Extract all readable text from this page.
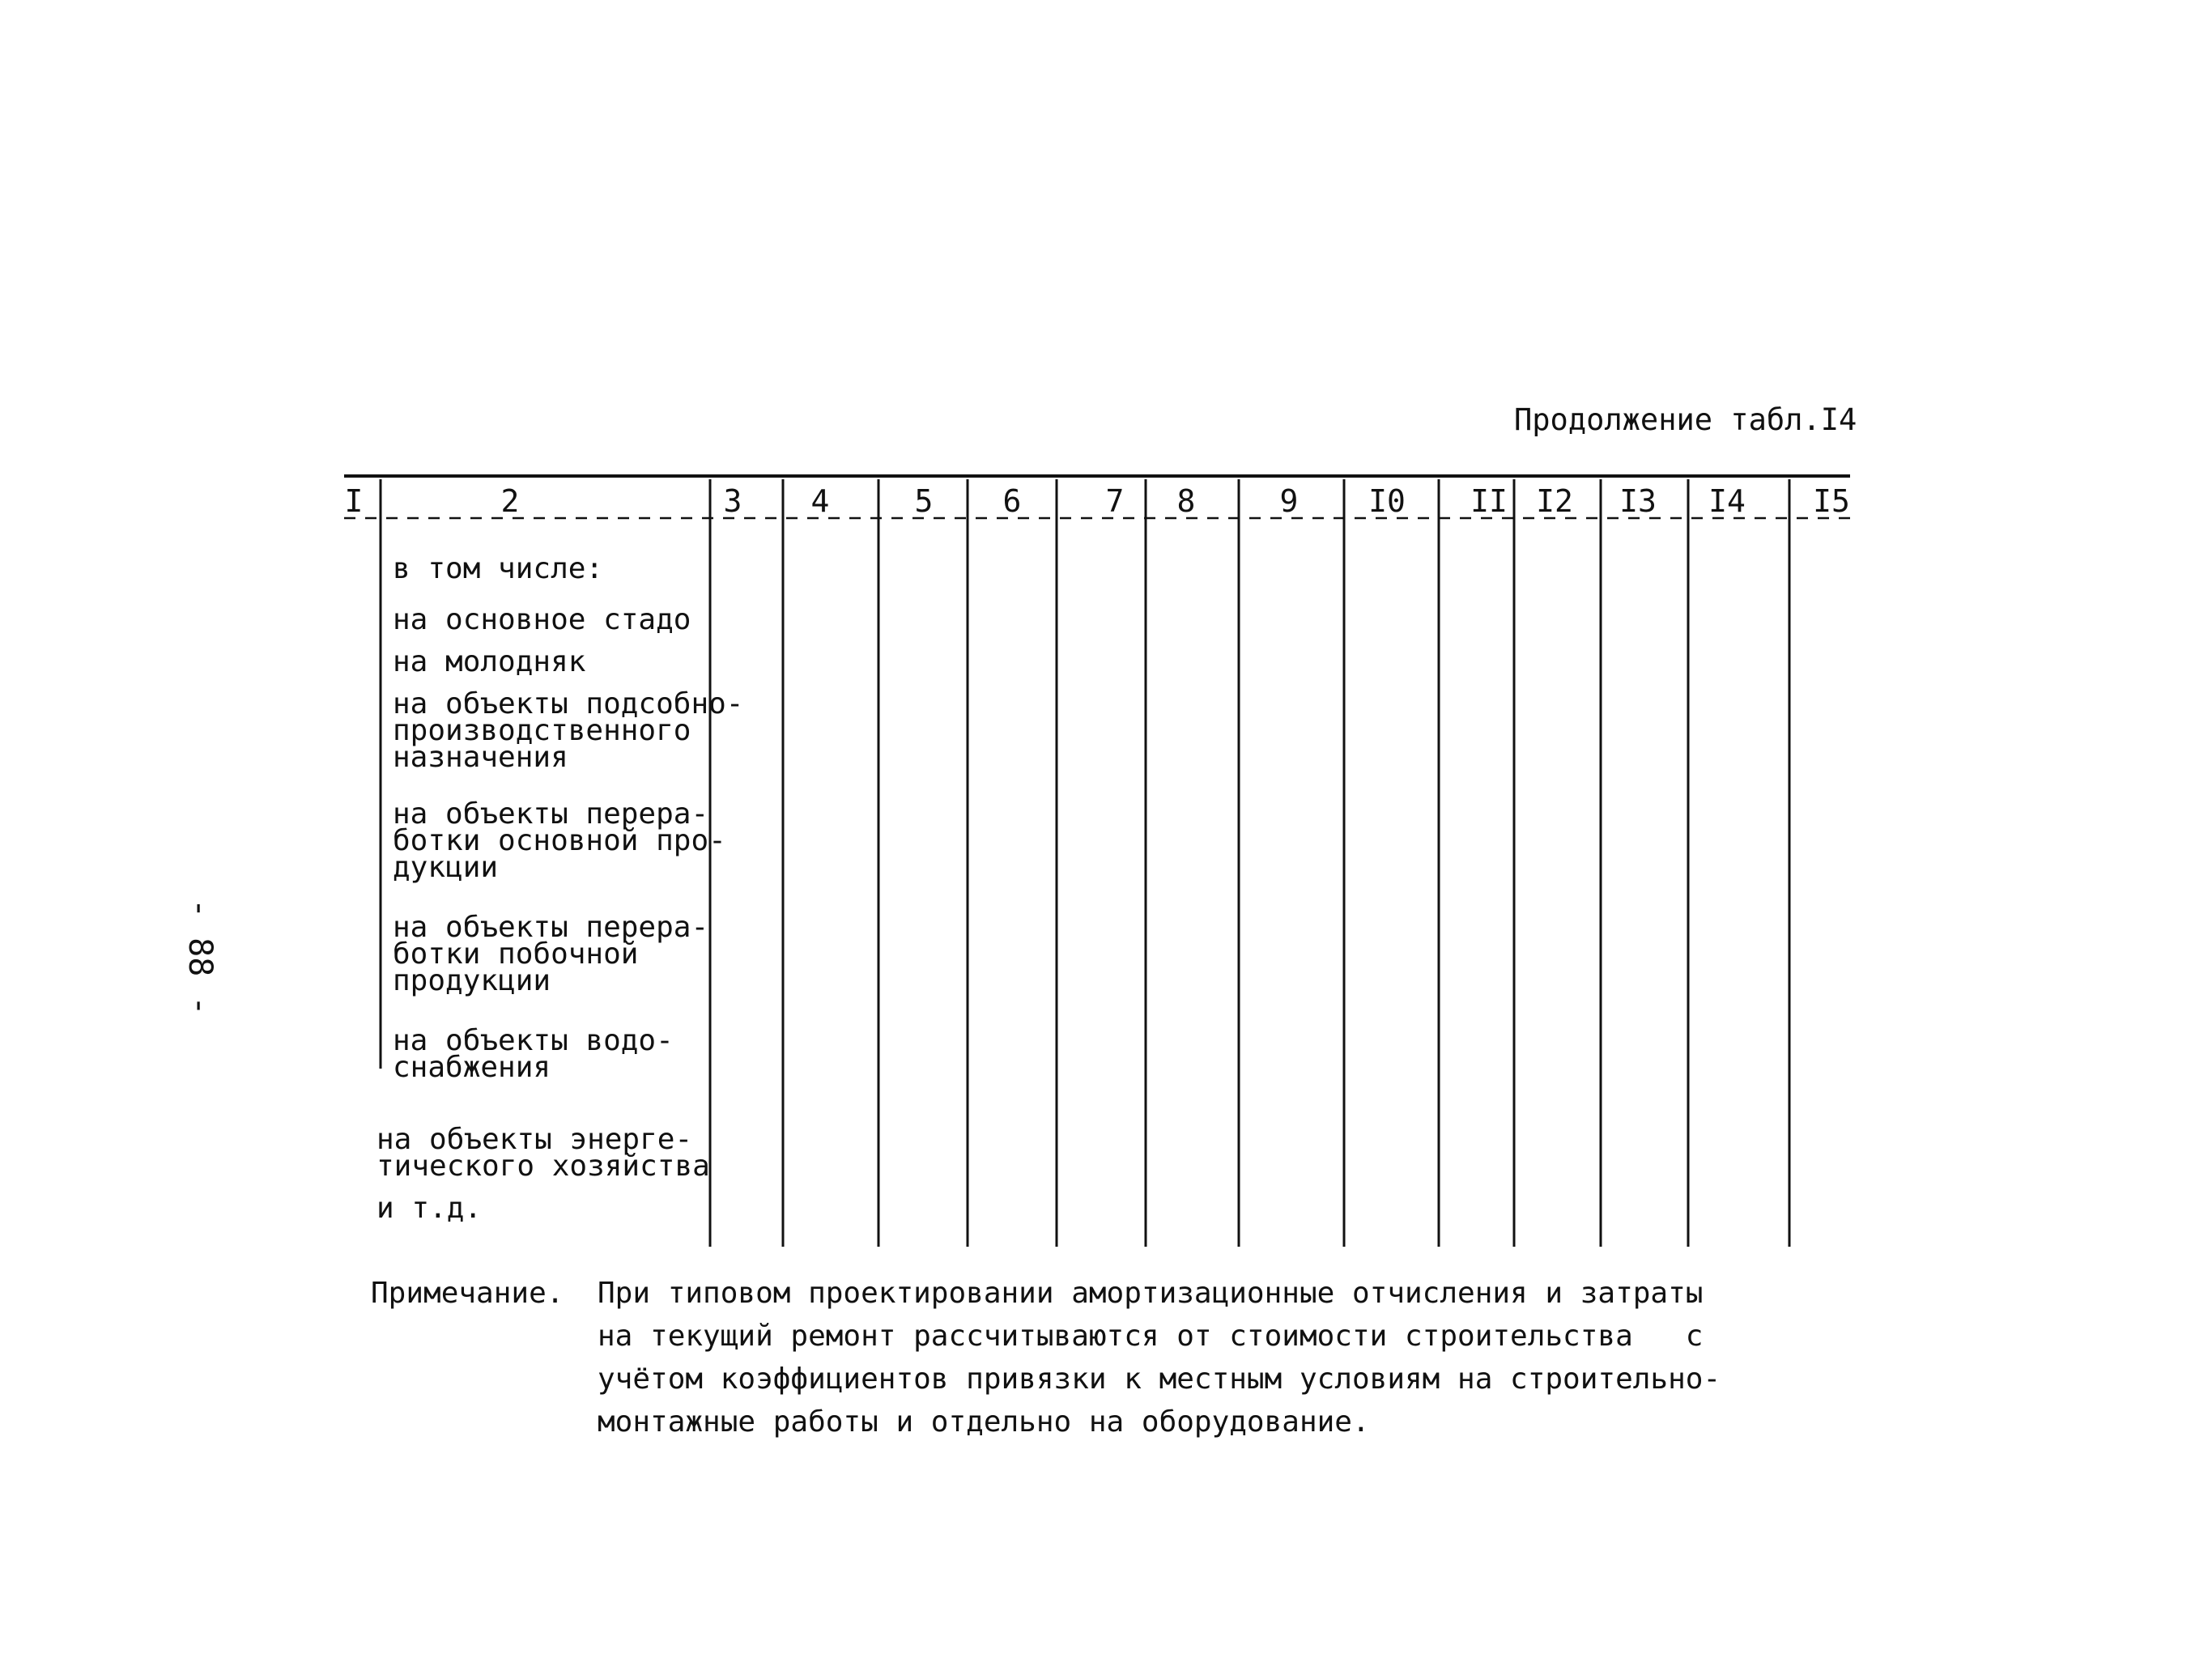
Продолжение табл.I4
I	2	3 4	5 6	7 8	9 I0 II I2 I3 I4 I5
в том числе:
на основное стадо
на молодняк
на объекты подсобно-
производственного
назначения
на объекты перера-
ботки основной про-
дукции
на объекты перера-
ботки побочной
продукции
на объекты водо-
снабжения
на объекты энерге-
тического хозяйства
и т.д.
Примечание. При типовом проектировании амортизационные отчисления и затраты
на текущий ремонт рассчитываются от стоимости строительства   с
учётом коэффициентов привязки к местным условиям на строительно-
монтажные работы и отдельно на оборудование.
- 88 -
